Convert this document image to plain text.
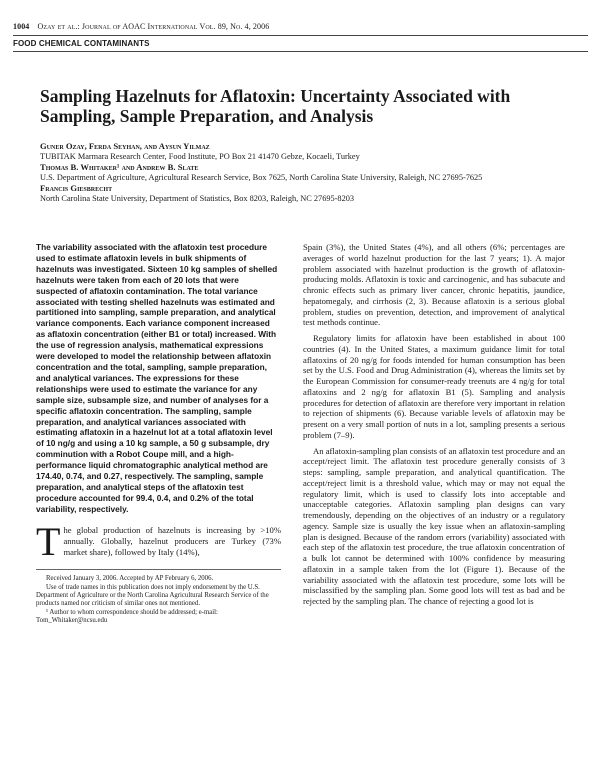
1004 Ozay et al.: Journal of AOAC International Vol. 89, No. 4, 2006
FOOD CHEMICAL CONTAMINANTS
Sampling Hazelnuts for Aflatoxin: Uncertainty Associated with Sampling, Sample Preparation, and Analysis

Guner Ozay, Ferda Seyhan, and Aysun Yilmaz

TUBITAK Marmara Research Center, Food Institute, PO Box 21 41470 Gebze, Kocaeli, Turkey

Thomas B. Whitaker¹ and Andrew B. Slate

U.S. Department of Agriculture, Agricultural Research Service, Box 7625, North Carolina State University, Raleigh, NC 27695-7625

Francis Giesbrecht

North Carolina State University, Department of Statistics, Box 8203, Raleigh, NC 27695-8203

The variability associated with the aflatoxin test procedure used to estimate aflatoxin levels in bulk shipments of hazelnuts was investigated. Sixteen 10 kg samples of shelled hazelnuts were taken from each of 20 lots that were suspected of aflatoxin contamination. The total variance associated with testing shelled hazelnuts was estimated and partitioned into sampling, sample preparation, and analytical variance components. Each variance component increased as aflatoxin concentration (either B1 or total) increased. With the use of regression analysis, mathematical expressions were developed to model the relationship between aflatoxin concentration and the total, sampling, sample preparation, and analytical variances. The expressions for these relationships were used to estimate the variance for any sample size, subsample size, and number of analyses for a specific aflatoxin concentration. The sampling, sample preparation, and analytical variances associated with estimating aflatoxin in a hazelnut lot at a total aflatoxin level of 10 ng/g and using a 10 kg sample, a 50 g subsample, dry comminution with a Robot Coupe mill, and a high-performance liquid chromatographic analytical method are 174.40, 0.74, and 0.27, respectively. The sampling, sample preparation, and analytical steps of the aflatoxin test procedure accounted for 99.4, 0.4, and 0.2% of the total variability, respectively.

The global production of hazelnuts is increasing by >10% annually. Globally, hazelnut producers are Turkey (73% market share), followed by Italy (14%),

Received January 3, 2006. Accepted by AP February 6, 2006.

Use of trade names in this publication does not imply endorsement by the U.S. Department of Agriculture or the North Carolina Agricultural Research Service of the products named nor criticism of similar ones not mentioned.

¹ Author to whom correspondence should be addressed; e-mail: Tom_Whitaker@ncsu.edu

Spain (3%), the United States (4%), and all others (6%; percentages are averages of world hazelnut production for the last 7 years; 1). A major problem associated with hazelnut production is the growth of aflatoxin-producing molds. Aflatoxin is toxic and carcinogenic, and has subacute and chronic effects such as primary liver cancer, chronic hepatitis, jaundice, hepatomegaly, and cirrhosis (2, 3). Because aflatoxin is a serious global problem, studies on prevention, detection, and improvement of analytical test methods continue.

Regulatory limits for aflatoxin have been established in about 100 countries (4). In the United States, a maximum guidance limit for total aflatoxins of 20 ng/g for foods intended for human consumption has been set by the U.S. Food and Drug Administration (4), whereas the limits set by the European Commission for consumer-ready treenuts are 4 ng/g for total aflatoxins and 2 ng/g for aflatoxin B1 (5). Sampling and analysis procedures for detection of aflatoxin are therefore very important in relation to rejection of shipments (6). Because variable levels of aflatoxin may be present on a very small portion of nuts in a lot, sampling presents a serious problem (7–9).

An aflatoxin-sampling plan consists of an aflatoxin test procedure and an accept/reject limit. The aflatoxin test procedure generally consists of 3 steps: sampling, sample preparation, and analytical quantification. The accept/reject limit is a threshold value, which may or may not equal the regulatory limit, which is used to classify lots into acceptable and unacceptable categories. Aflatoxin sampling plan designs can vary tremendously, depending on the objectives of an industry or a regulatory agency. Sample size is usually the key issue when an aflatoxin-sampling plan is designed. Because of the random errors (variability) associated with each step of the aflatoxin test procedure, the true aflatoxin concentration of a bulk lot cannot be determined with 100% confidence by measuring aflatoxin in a sample taken from the lot (Figure 1). Because of the variability associated with the aflatoxin test procedure, some lots will be misclassified by the sampling plan. Some good lots will test as bad and be rejected by the sampling plan. The chance of rejecting a good lot is
